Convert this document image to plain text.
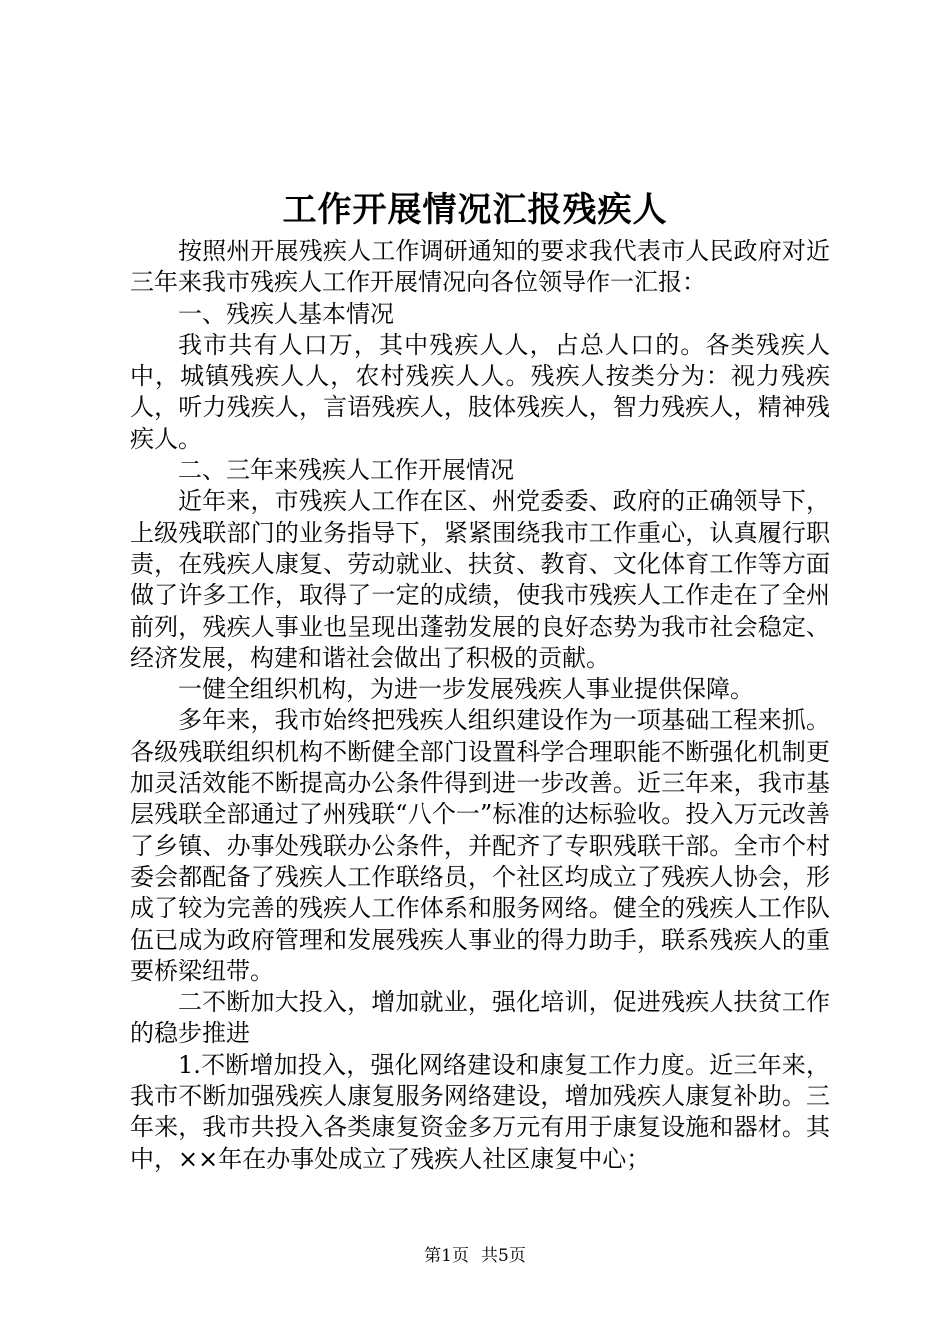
工作开展情况汇报残疾人

按照州开展残疾人工作调研通知的要求我代表市人民政府对近三年来我市残疾人工作开展情况向各位领导作一汇报：

一、残疾人基本情况

我市共有人口万，其中残疾人人，占总人口的。各类残疾人中，城镇残疾人人，农村残疾人人。残疾人按类分为：视力残疾人，听力残疾人，言语残疾人，肢体残疾人，智力残疾人，精神残疾人。

二、三年来残疾人工作开展情况

近年来，市残疾人工作在区、州党委委、政府的正确领导下，上级残联部门的业务指导下，紧紧围绕我市工作重心，认真履行职责，在残疾人康复、劳动就业、扶贫、教育、文化体育工作等方面做了许多工作，取得了一定的成绩，使我市残疾人工作走在了全州前列，残疾人事业也呈现出蓬勃发展的良好态势为我市社会稳定、经济发展，构建和谐社会做出了积极的贡献。

一健全组织机构，为进一步发展残疾人事业提供保障。

多年来，我市始终把残疾人组织建设作为一项基础工程来抓。各级残联组织机构不断健全部门设置科学合理职能不断强化机制更加灵活效能不断提高办公条件得到进一步改善。近三年来，我市基层残联全部通过了州残联“八个一”标准的达标验收。投入万元改善了乡镇、办事处残联办公条件，并配齐了专职残联干部。全市个村委会都配备了残疾人工作联络员，个社区均成立了残疾人协会，形成了较为完善的残疾人工作体系和服务网络。健全的残疾人工作队伍已成为政府管理和发展残疾人事业的得力助手，联系残疾人的重要桥梁纽带。

二不断加大投入，增加就业，强化培训，促进残疾人扶贫工作的稳步推进

1.不断增加投入，强化网络建设和康复工作力度。近三年来，我市不断加强残疾人康复服务网络建设，增加残疾人康复补助。三年来，我市共投入各类康复资金多万元有用于康复设施和器材。其中，××年在办事处成立了残疾人社区康复中心；

第1页 共5页
